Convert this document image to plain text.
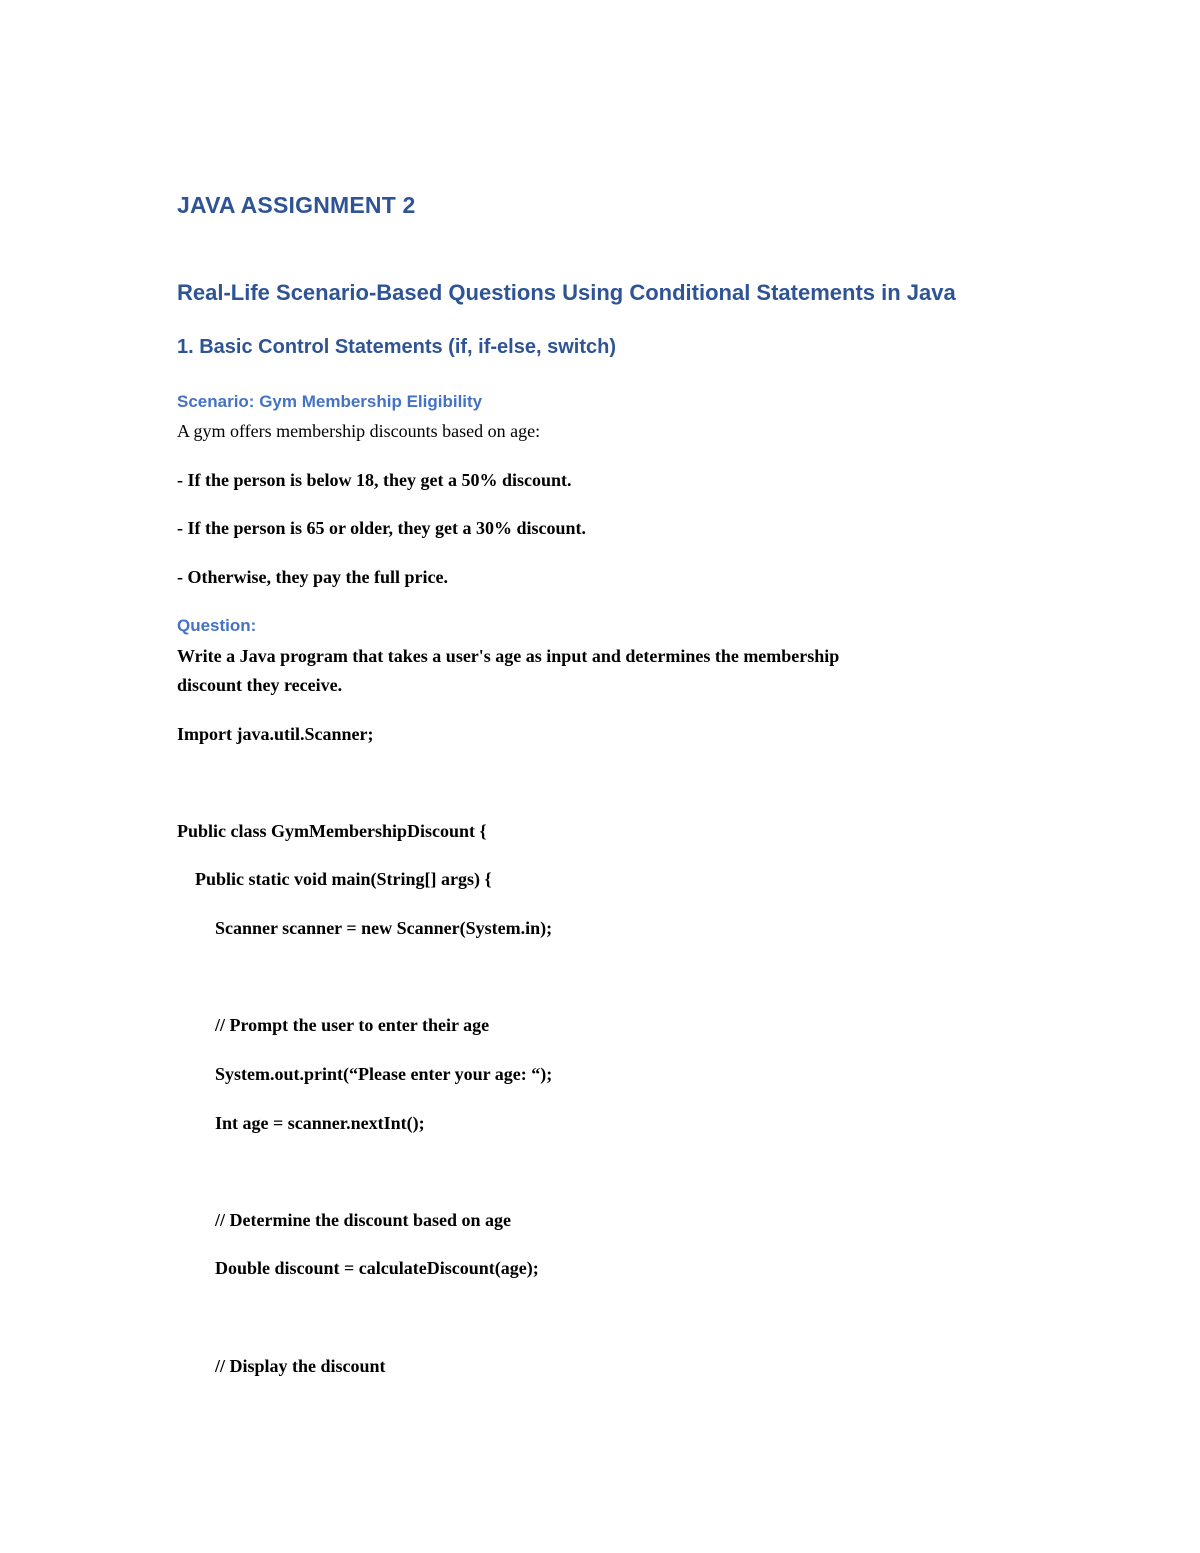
JAVA ASSIGNMENT 2
Real-Life Scenario-Based Questions Using Conditional Statements in Java
1. Basic Control Statements (if, if-else, switch)
Scenario: Gym Membership Eligibility

A gym offers membership discounts based on age:

- If the person is below 18, they get a 50% discount.

- If the person is 65 or older, they get a 30% discount.

- Otherwise, they pay the full price.

Question:

Write a Java program that takes a user's age as input and determines the membership

discount they receive.

Import java.util.Scanner;

Public class GymMembershipDiscount {

Public static void main(String[] args) {

Scanner scanner = new Scanner(System.in);

// Prompt the user to enter their age

System.out.print(“Please enter your age: “);

Int age = scanner.nextInt();

// Determine the discount based on age

Double discount = calculateDiscount(age);

// Display the discount
